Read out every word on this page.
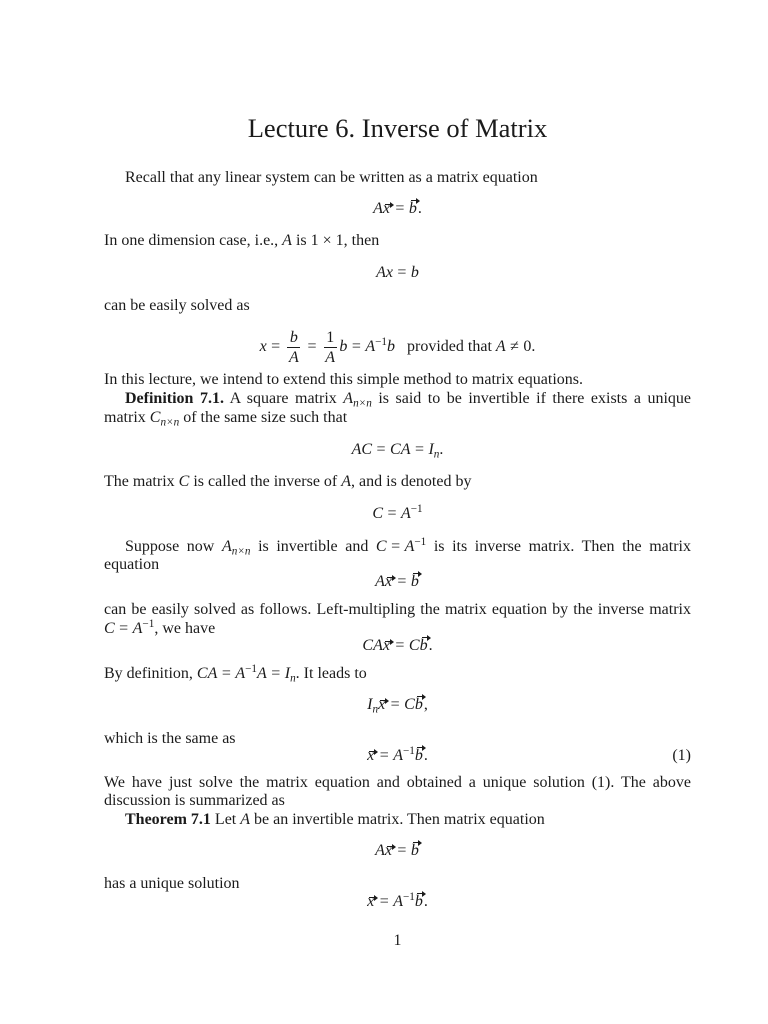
Lecture 6. Inverse of Matrix
Recall that any linear system can be written as a matrix equation
Ax = b.
In one dimension case, i.e., A is 1 × 1, then
Ax = b
can be easily solved as
$x = \frac{b}{A} = \frac{1}{A}$ $b = A^{-1}b$   provided that A ≠ 0.
In this lecture, we intend to extend this simple method to matrix equations.
Definition 7.1. A square matrix $A_{n\times n}$ is said to be invertible if there exists a unique
matrix $C_{n\times n}$ of the same size such that
AC = CA = $I_n$.
The matrix C is called the inverse of A, and is denoted by
$C = A^{-1}$
Suppose now $A_{n\times n}$ is invertible and $C = A^{-1}$ is its inverse matrix. Then the matrix
equation
Ax = b
can be easily solved as follows. Left-multipling the matrix equation by the inverse matrix
$C = A^{-1}$, we have
CAx = Cb.
By definition, CA = $A^{-1}A = I_n$. It leads to
$I_nx = Cb$,
which is the same as
$x = A^{-1}b$.	(1)
We have just solve the matrix equation and obtained a unique solution (1). The above
discussion is summarized as
Theorem 7.1 Let A be an invertible matrix. Then matrix equation
Ax = b
has a unique solution
$x = A^{-1}b$.
1
